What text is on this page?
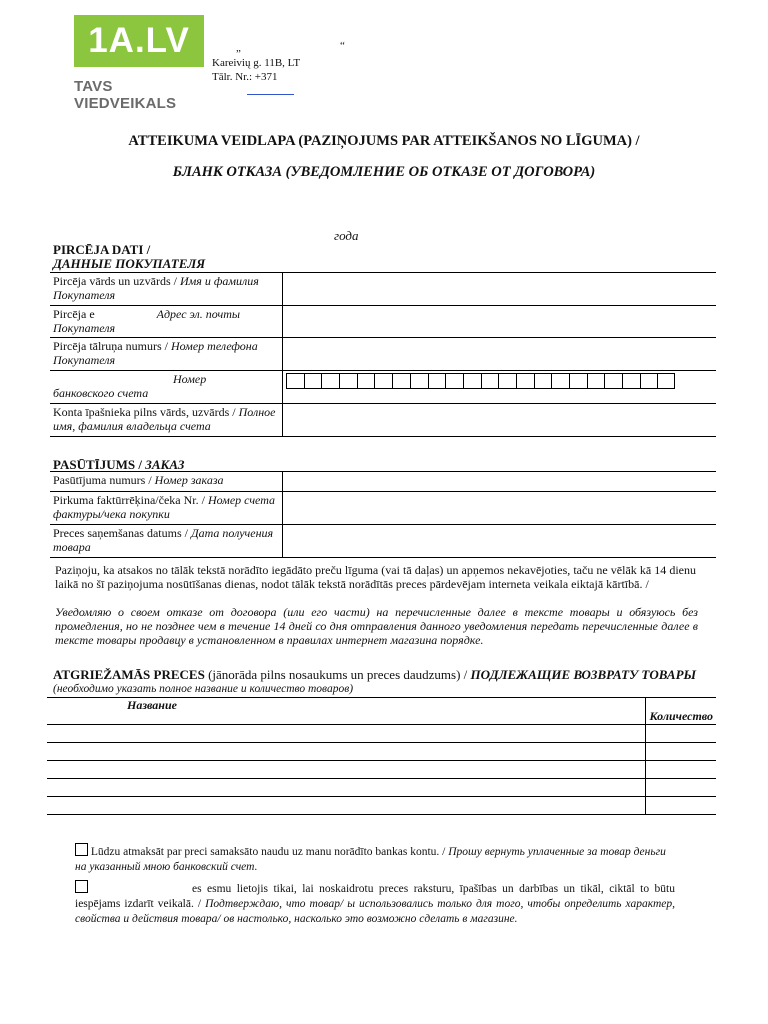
1A.LV
TAVS VIEDVEIKALS
„	“
Kareivių g. 11B, LT
Tālr. Nr.: +371
ATTEIKUMA VEIDLAPA (PAZIŅOJUMS PAR ATTEIKŠANOS NO LĪGUMA) /
БЛАНК ОТКАЗА (УВЕДОМЛЕНИЕ ОБ ОТКАЗЕ ОТ ДОГОВОРА)
года
PIRCĒJA DATI /
ДАННЫЕ ПОКУПАТЕЛЯ
Pircēja vārds un uzvārds / Имя и фамилия Покупателя	
Pircēja e Адрес эл. почты
Покупателя	
Pircēja tālruņa numurs / Номер телефона Покупателя	
Номер
банковского счета	

Konta īpašnieka pilns vārds, uzvārds / Полное имя, фамилия владельца счета	
PASŪTĪJUMS / ЗАКАЗ
Pasūtījuma numurs / Номер заказа	
Pirkuma faktūrrēķina/čeka Nr. / Номер счета фактуры/чека покупки	
Preces saņemšanas datums / Дата получения товара	
Paziņoju, ka atsakos no tālāk tekstā norādīto iegādāto preču līguma (vai tā daļas) un apņemos nekavējoties, taču ne vēlāk kā 14 dienu laikā no šī paziņojuma nosūtīšanas dienas, nodot tālāk tekstā norādītās preces pārdevējam interneta veikala eiktajā kārtībā. /
Уведомляю о своем отказе от договора (или его части) на перечисленные далее в тексте товары и обязуюсь без промедления, но не позднее чем в течение 14 дней со дня отправления данного уведомления передать перечисленные далее в тексте товары продавцу в установленном в правилах интернет магазина порядке.
ATGRIEŽAMĀS PRECES (jānorāda pilns nosaukums un preces daudzums) / ПОДЛЕЖАЩИЕ ВОЗВРАТУ ТОВАРЫ
(необходимо указать полное название и количество товаров)
Название	Количество

Lūdzu atmaksāt par preci samaksāto naudu uz manu norādīto bankas kontu. / Прошу вернуть уплаченные за товар деньги на указанный мною банковский счет.
es esmu lietojis tikai, lai noskaidrotu preces raksturu, īpašības un darbības un tikāl, ciktāl to būtu iespējams izdarīt veikalā. / Подтверждаю, что товар/ ы использовались только для того, чтобы определить характер, свойства и действия товара/ ов настолько, насколько это возможно сделать в магазине.
